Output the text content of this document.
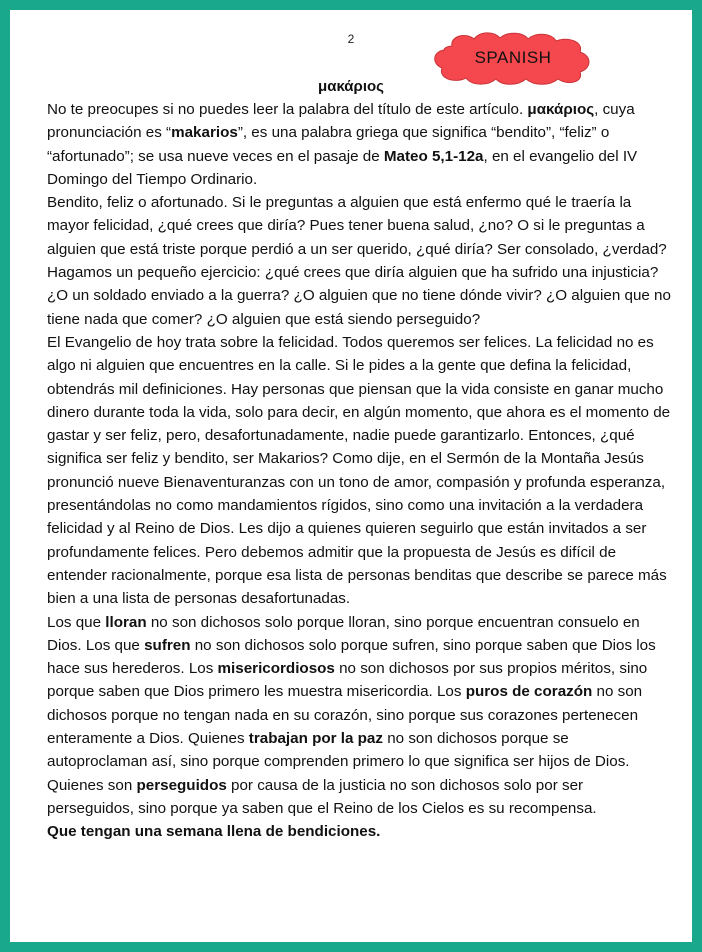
2
SPANISH
μακάριος

No te preocupes si no puedes leer la palabra del título de este artículo. μακάριος, cuya pronunciación es “makarios”, es una palabra griega que significa “bendito”, “feliz” o “afortunado”; se usa nueve veces en el pasaje de Mateo 5,1-12a, en el evangelio del IV Domingo del Tiempo Ordinario.

Bendito, feliz o afortunado. Si le preguntas a alguien que está enfermo qué le traería la mayor felicidad, ¿qué crees que diría? Pues tener buena salud, ¿no? O si le preguntas a alguien que está triste porque perdió a un ser querido, ¿qué diría? Ser consolado, ¿verdad? Hagamos un pequeño ejercicio: ¿qué crees que diría alguien que ha sufrido una injusticia? ¿O un soldado enviado a la guerra? ¿O alguien que no tiene dónde vivir? ¿O alguien que no tiene nada que comer? ¿O alguien que está siendo perseguido?

El Evangelio de hoy trata sobre la felicidad. Todos queremos ser felices. La felicidad no es algo ni alguien que encuentres en la calle. Si le pides a la gente que defina la felicidad, obtendrás mil definiciones. Hay personas que piensan que la vida consiste en ganar mucho dinero durante toda la vida, solo para decir, en algún momento, que ahora es el momento de gastar y ser feliz, pero, desafortunadamente, nadie puede garantizarlo. Entonces, ¿qué significa ser feliz y bendito, ser Makarios? Como dije, en el Sermón de la Montaña Jesús pronunció nueve Bienaventuranzas con un tono de amor, compasión y profunda esperanza, presentándolas no como mandamientos rígidos, sino como una invitación a la verdadera felicidad y al Reino de Dios. Les dijo a quienes quieren seguirlo que están invitados a ser profundamente felices. Pero debemos admitir que la propuesta de Jesús es difícil de entender racionalmente, porque esa lista de personas benditas que describe se parece más bien a una lista de personas desafortunadas.

Los que lloran no son dichosos solo porque lloran, sino porque encuentran consuelo en Dios. Los que sufren no son dichosos solo porque sufren, sino porque saben que Dios los hace sus herederos. Los misericordiosos no son dichosos por sus propios méritos, sino porque saben que Dios primero les muestra misericordia. Los puros de corazón no son dichosos porque no tengan nada en su corazón, sino porque sus corazones pertenecen enteramente a Dios. Quienes trabajan por la paz no son dichosos porque se autoproclaman así, sino porque comprenden primero lo que significa ser hijos de Dios. Quienes son perseguidos por causa de la justicia no son dichosos solo por ser perseguidos, sino porque ya saben que el Reino de los Cielos es su recompensa.

Que tengan una semana llena de bendiciones.
